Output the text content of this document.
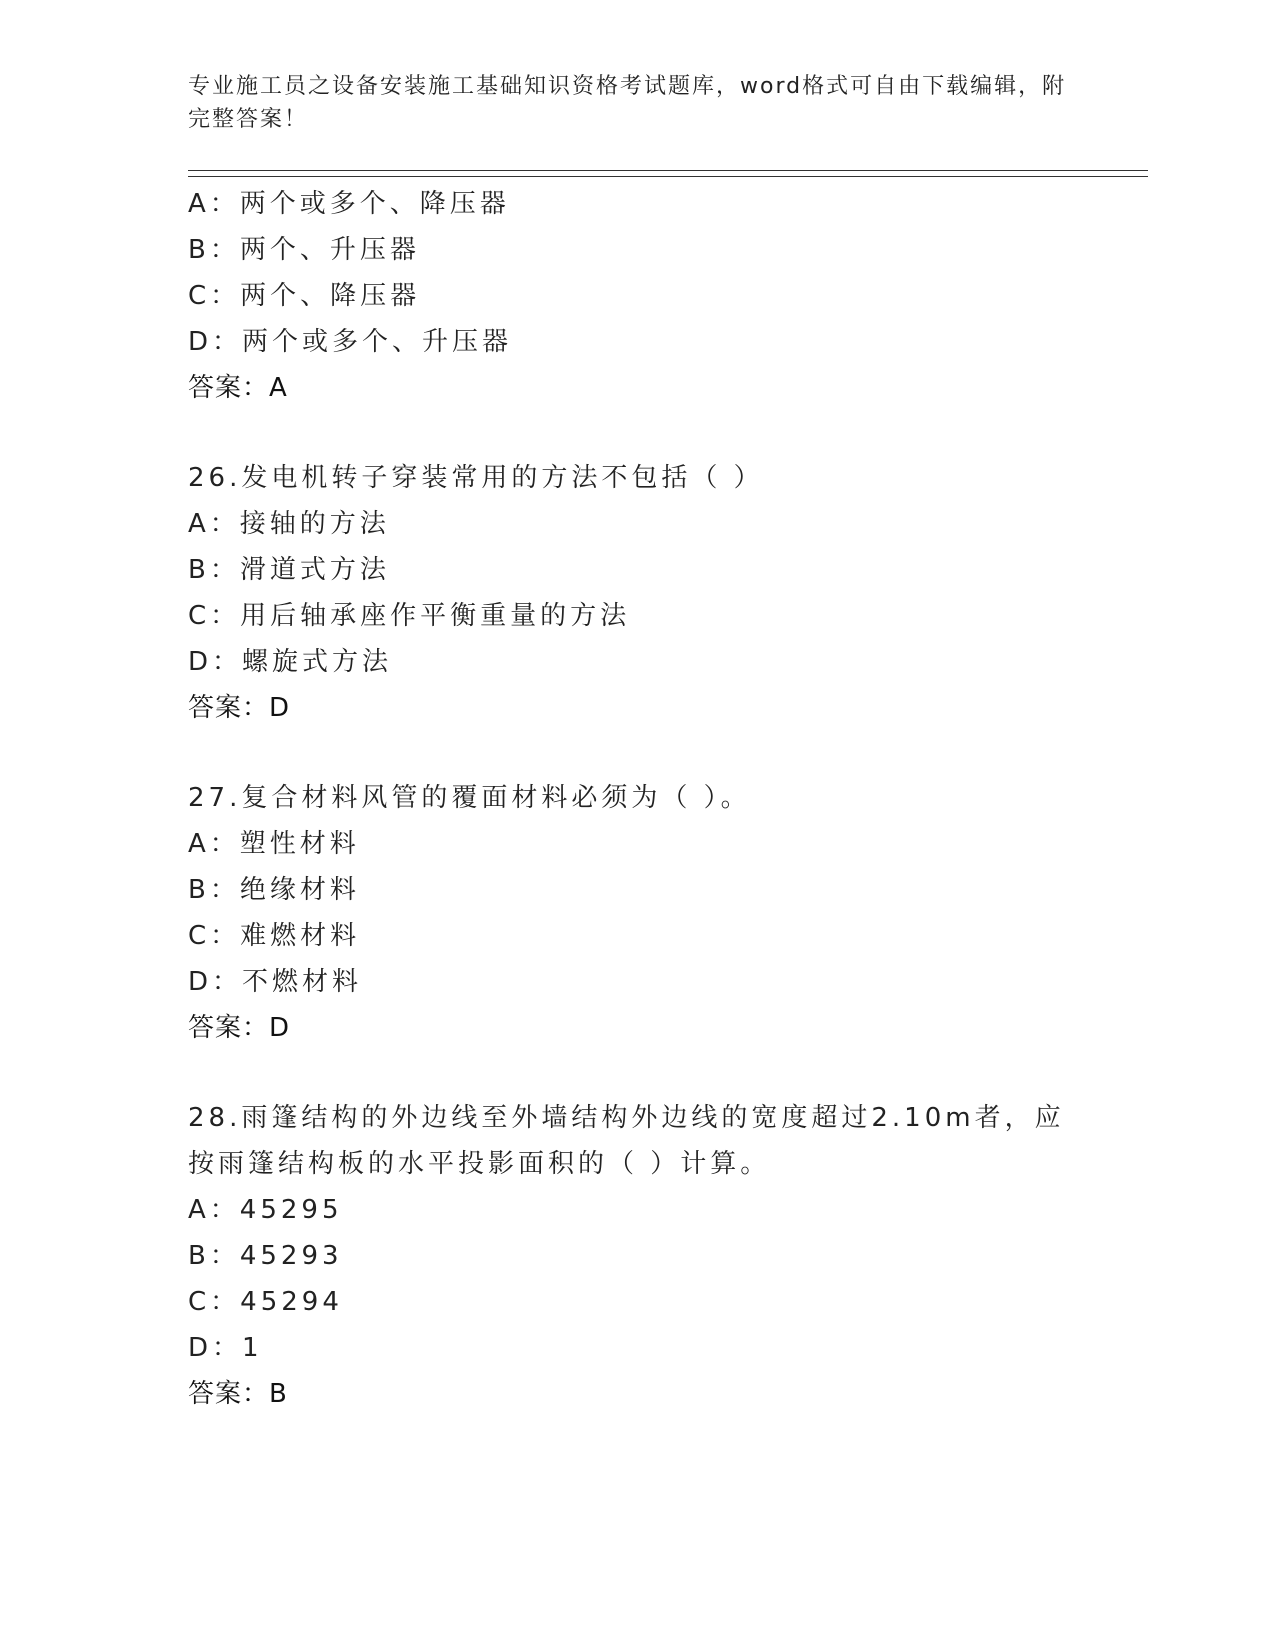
专业施工员之设备安装施工基础知识资格考试题库，word格式可自由下载编辑，附完整答案！
A：两个或多个、降压器
B：两个、升压器
C：两个、降压器
D：两个或多个、升压器
答案：A
26.发电机转子穿装常用的方法不包括（ ）
A：接轴的方法
B：滑道式方法
C：用后轴承座作平衡重量的方法
D：螺旋式方法
答案：D
27.复合材料风管的覆面材料必须为（ ）。
A：塑性材料
B：绝缘材料
C：难燃材料
D：不燃材料
答案：D
28.雨篷结构的外边线至外墙结构外边线的宽度超过2.10m者，应按雨篷结构板的水平投影面积的（ ）计算。
A：45295
B：45293
C：45294
D：1
答案：B
